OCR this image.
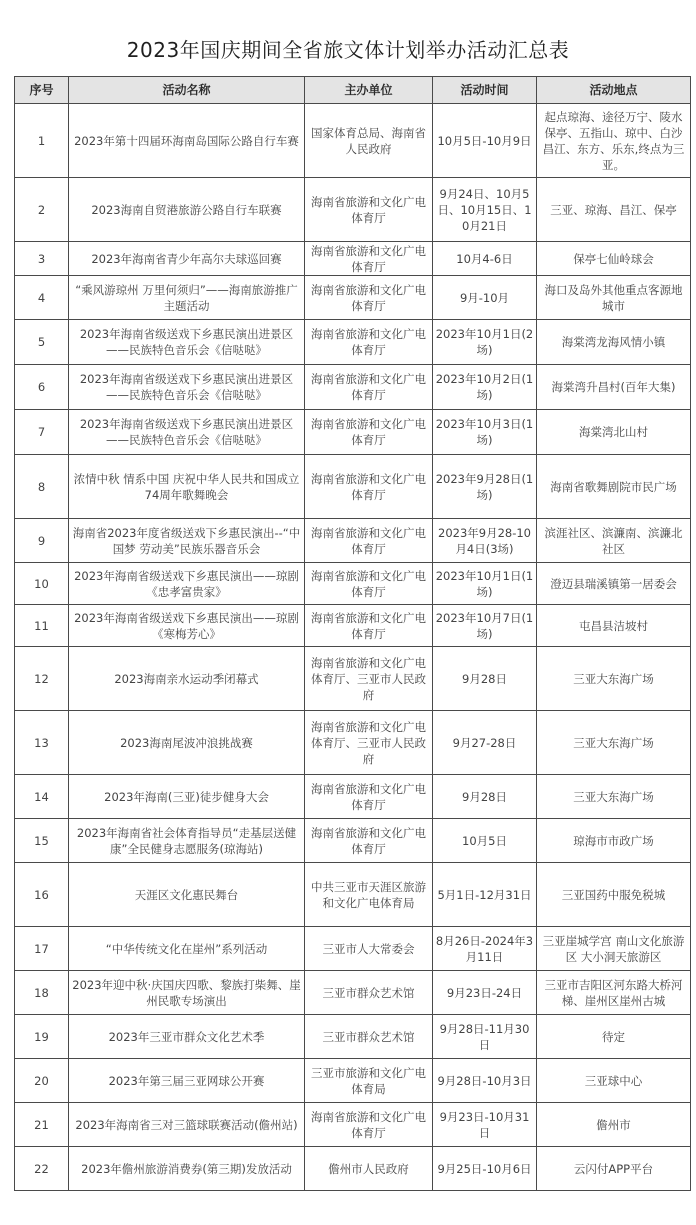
2023年国庆期间全省旅文体计划举办活动汇总表
序号	活动名称	主办单位	活动时间	活动地点
1	2023年第十四届环海南岛国际公路自行车赛	国家体育总局、海南省人民政府	10月5日-10月9日	起点琼海、途径万宁、陵水保亭、五指山、琼中、白沙昌江、东方、乐东,终点为三亚。
2	2023海南自贸港旅游公路自行车联赛	海南省旅游和文化广电体育厅	9月24日、10月5日、10月15日、10月21日	三亚、琼海、昌江、保亭
3	2023年海南省青少年高尔夫球巡回赛	海南省旅游和文化广电体育厅	10月4-6日	保亭七仙岭球会
4	“乘风游琼州 万里何须归”——海南旅游推广主题活动	海南省旅游和文化广电体育厅	9月-10月	海口及岛外其他重点客源地城市
5	2023年海南省级送戏下乡惠民演出进景区——民族特色音乐会《信哒哒》	海南省旅游和文化广电体育厅	2023年10月1日(2场)	海棠湾龙海风情小镇
6	2023年海南省级送戏下乡惠民演出进景区——民族特色音乐会《信哒哒》	海南省旅游和文化广电体育厅	2023年10月2日(1场)	海棠湾升昌村(百年大集)
7	2023年海南省级送戏下乡惠民演出进景区——民族特色音乐会《信哒哒》	海南省旅游和文化广电体育厅	2023年10月3日(1场)	海棠湾北山村
8	浓情中秋 情系中国 庆祝中华人民共和国成立74周年歌舞晚会	海南省旅游和文化广电体育厅	2023年9月28日(1场)	海南省歌舞剧院市民广场
9	海南省2023年度省级送戏下乡惠民演出--“中国梦 劳动美”民族乐器音乐会	海南省旅游和文化广电体育厅	2023年9月28-10月4日(3场)	滨涯社区、滨濂南、滨濂北社区
10	2023年海南省级送戏下乡惠民演出——琼剧《忠孝富贵家》	海南省旅游和文化广电体育厅	2023年10月1日(1场)	澄迈县瑞溪镇第一居委会
11	2023年海南省级送戏下乡惠民演出——琼剧《寒梅芳心》	海南省旅游和文化广电体育厅	2023年10月7日(1场)	屯昌县洁坡村
12	2023海南亲水运动季闭幕式	海南省旅游和文化广电体育厅、三亚市人民政府	9月28日	三亚大东海广场
13	2023海南尾波冲浪挑战赛	海南省旅游和文化广电体育厅、三亚市人民政府	9月27-28日	三亚大东海广场
14	2023年海南(三亚)徒步健身大会	海南省旅游和文化广电体育厅	9月28日	三亚大东海广场
15	2023年海南省社会体育指导员“走基层送健康”全民健身志愿服务(琼海站)	海南省旅游和文化广电体育厅	10月5日	琼海市市政广场
16	天涯区文化惠民舞台	中共三亚市天涯区旅游和文化广电体育局	5月1日-12月31日	三亚国药中服免税城
17	“中华传统文化在崖州”系列活动	三亚市人大常委会	8月26日-2024年3月11日	三亚崖城学宫 南山文化旅游区 大小洞天旅游区
18	2023年迎中秋·庆国庆四歌、黎族打柴舞、崖州民歌专场演出	三亚市群众艺术馆	9月23日-24日	三亚市吉阳区河东路大桥河梯、崖州区崖州古城
19	2023年三亚市群众文化艺术季	三亚市群众艺术馆	9月28日-11月30日	待定
20	2023年第三届三亚网球公开赛	三亚市旅游和文化广电体育局	9月28日-10月3日	三亚球中心
21	2023年海南省三对三篮球联赛活动(儋州站)	海南省旅游和文化广电体育厅	9月23日-10月31日	儋州市
22	2023年儋州旅游消费券(第三期)发放活动	儋州市人民政府	9月25日-10月6日	云闪付APP平台
